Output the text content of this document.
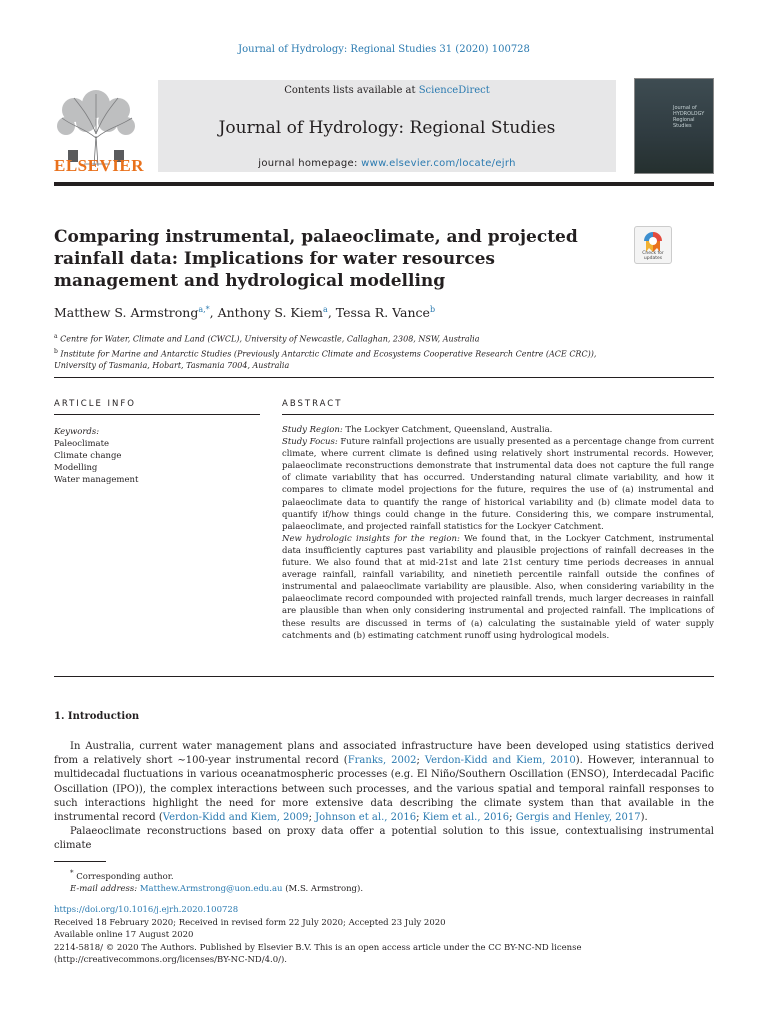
Journal of Hydrology: Regional Studies 31 (2020) 100728
ELSEVIER
Contents lists available at ScienceDirect
Journal of Hydrology: Regional Studies
journal homepage: www.elsevier.com/locate/ejrh
Journal of HYDROLOGY Regional Studies
Comparing instrumental, palaeoclimate, and projected rainfall data: Implications for water resources management and hydrological modelling
Check for updates
Matthew S. Armstrong$^{a,*}$, Anthony S. Kiem$^a$, Tessa R. Vance$^b$
$^a$ Centre for Water, Climate and Land (CWCL), University of Newcastle, Callaghan, 2308, NSW, Australia
$^b$ Institute for Marine and Antarctic Studies (Previously Antarctic Climate and Ecosystems Cooperative Research Centre (ACE CRC)), University of Tasmania, Hobart, Tasmania 7004, Australia
ARTICLE INFO	ABSTRACT
Keywords:
Paleoclimate
Climate change
Modelling
Water management

Study Region: The Lockyer Catchment, Queensland, Australia.

Study Focus: Future rainfall projections are usually presented as a percentage change from current climate, where current climate is defined using relatively short instrumental records. However, palaeoclimate reconstructions demonstrate that instrumental data does not capture the full range of climate variability that has occurred. Understanding natural climate variability, and how it compares to climate model projections for the future, requires the use of (a) instrumental and palaeoclimate data to quantify the range of historical variability and (b) climate model data to quantify if/how things could change in the future. Considering this, we compare instrumental, palaeoclimate, and projected rainfall statistics for the Lockyer Catchment.

New hydrologic insights for the region: We found that, in the Lockyer Catchment, instrumental data insufficiently captures past variability and plausible projections of rainfall decreases in the future. We also found that at mid-21st and late 21st century time periods decreases in annual average rainfall, rainfall variability, and ninetieth percentile rainfall outside the confines of instrumental and palaeoclimate variability are plausible. Also, when considering variability in the palaeoclimate record compounded with projected rainfall trends, much larger decreases in rainfall are plausible than when only considering instrumental and projected rainfall. The implications of these results are discussed in terms of (a) calculating the sustainable yield of water supply catchments and (b) estimating catchment runoff using hydrological models.

1. Introduction

In Australia, current water management plans and associated infrastructure have been developed using statistics derived from a relatively short ∼100-year instrumental record (Franks, 2002; Verdon-Kidd and Kiem, 2010). However, interannual to multidecadal fluctuations in various oceanatmospheric processes (e.g. El Niño/Southern Oscillation (ENSO), Interdecadal Pacific Oscillation (IPO)), the complex interactions between such processes, and the various spatial and temporal rainfall responses to such interactions highlight the need for more extensive data describing the climate system than that available in the instrumental record (Verdon-Kidd and Kiem, 2009; Johnson et al., 2016; Kiem et al., 2016; Gergis and Henley, 2017).

Palaeoclimate reconstructions based on proxy data offer a potential solution to this issue, contextualising instrumental climate

* Corresponding author.
E-mail address: Matthew.Armstrong@uon.edu.au (M.S. Armstrong).
https://doi.org/10.1016/j.ejrh.2020.100728
Received 18 February 2020; Received in revised form 22 July 2020; Accepted 23 July 2020
Available online 17 August 2020
2214-5818/ © 2020 The Authors. Published by Elsevier B.V. This is an open access article under the CC BY-NC-ND license
(http://creativecommons.org/licenses/BY-NC-ND/4.0/).
